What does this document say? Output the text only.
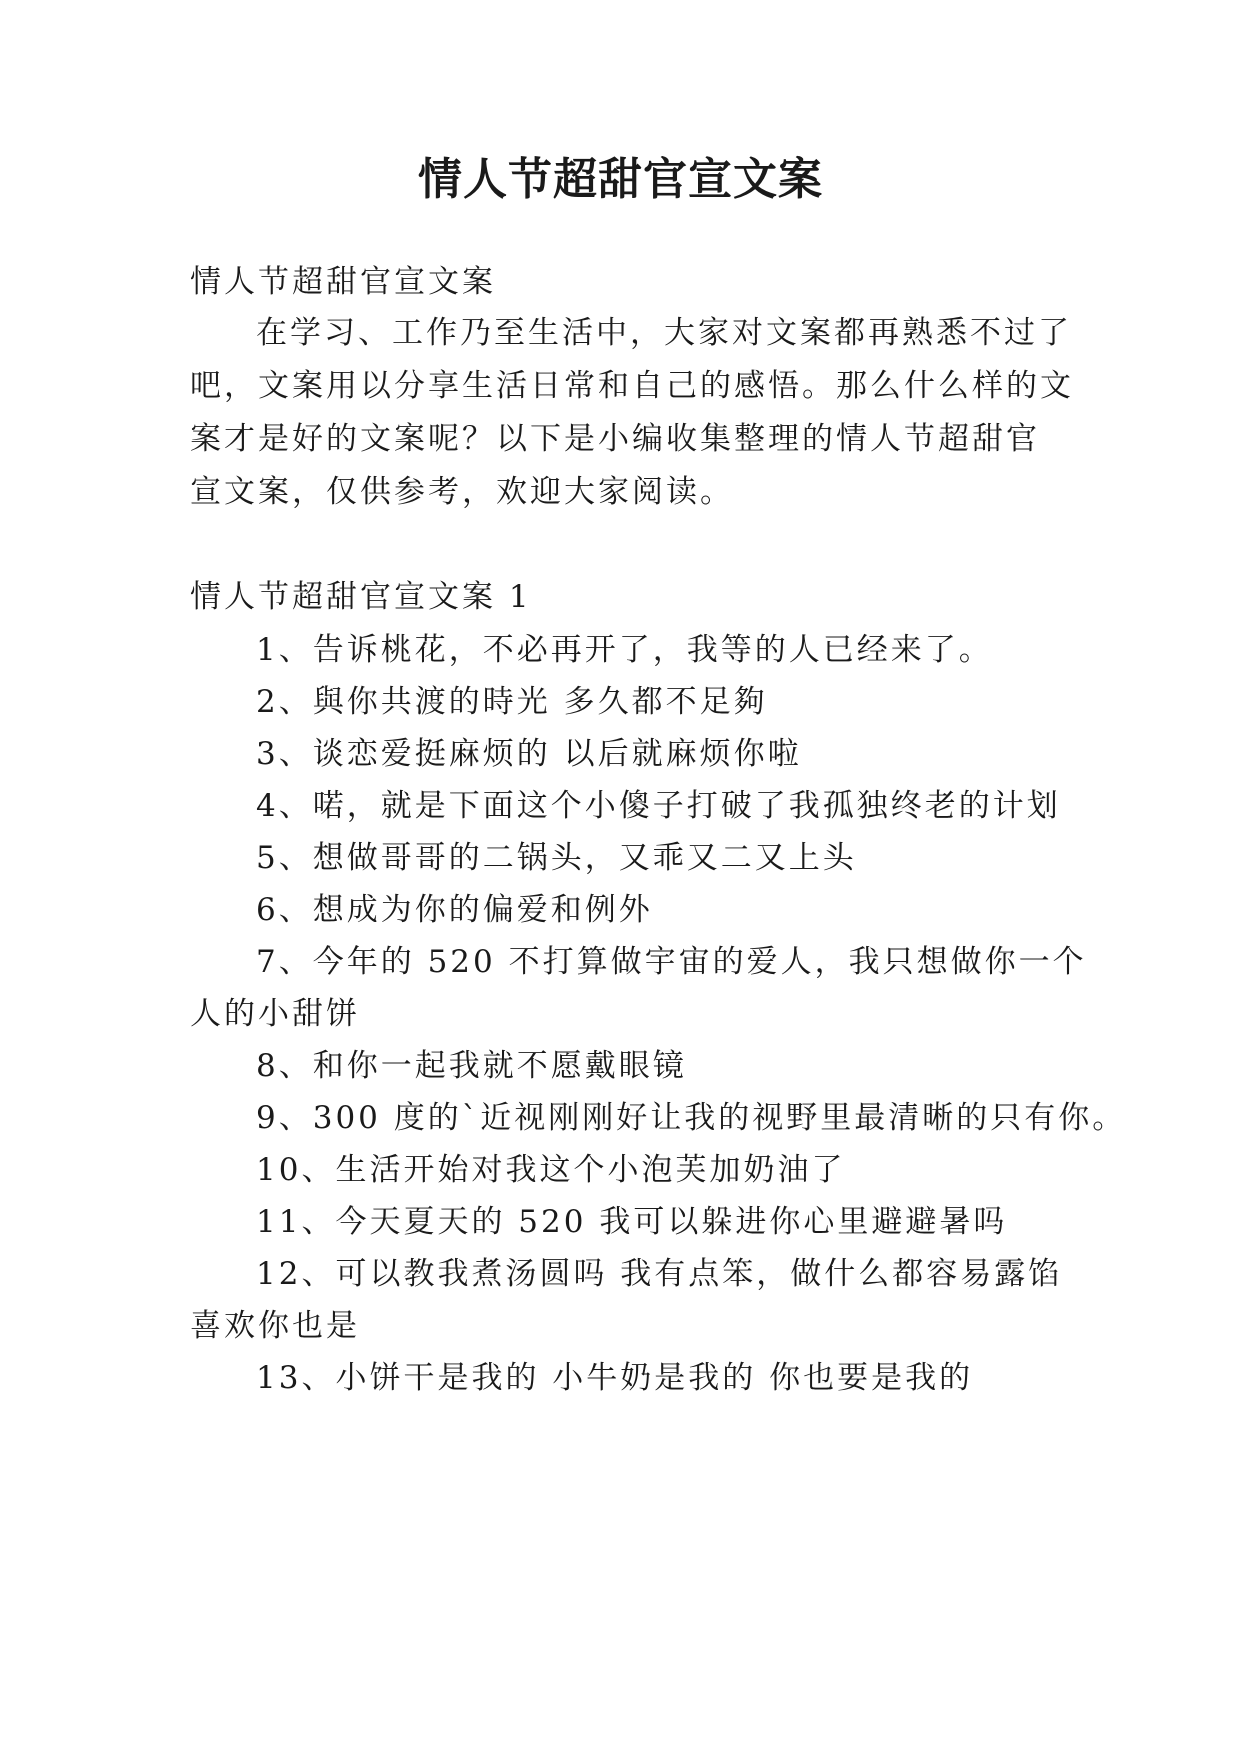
情人节超甜官宣文案
情人节超甜官宣文案
在学习、工作乃至生活中，大家对文案都再熟悉不过了
吧，文案用以分享生活日常和自己的感悟。那么什么样的文
案才是好的文案呢？以下是小编收集整理的情人节超甜官
宣文案，仅供参考，欢迎大家阅读。
情人节超甜官宣文案 1
1、告诉桃花，不必再开了，我等的人已经来了。
2、與你共渡的時光 多久都不足夠
3、谈恋爱挺麻烦的 以后就麻烦你啦
4、喏，就是下面这个小傻子打破了我孤独终老的计划
5、想做哥哥的二锅头，又乖又二又上头
6、想成为你的偏爱和例外
7、今年的 520 不打算做宇宙的爱人，我只想做你一个
人的小甜饼
8、和你一起我就不愿戴眼镜
9、300 度的`近视刚刚好让我的视野里最清晰的只有你。
10、生活开始对我这个小泡芙加奶油了
11、今天夏天的 520 我可以躲进你心里避避暑吗
12、可以教我煮汤圆吗 我有点笨，做什么都容易露馅
喜欢你也是
13、小饼干是我的 小牛奶是我的 你也要是我的
